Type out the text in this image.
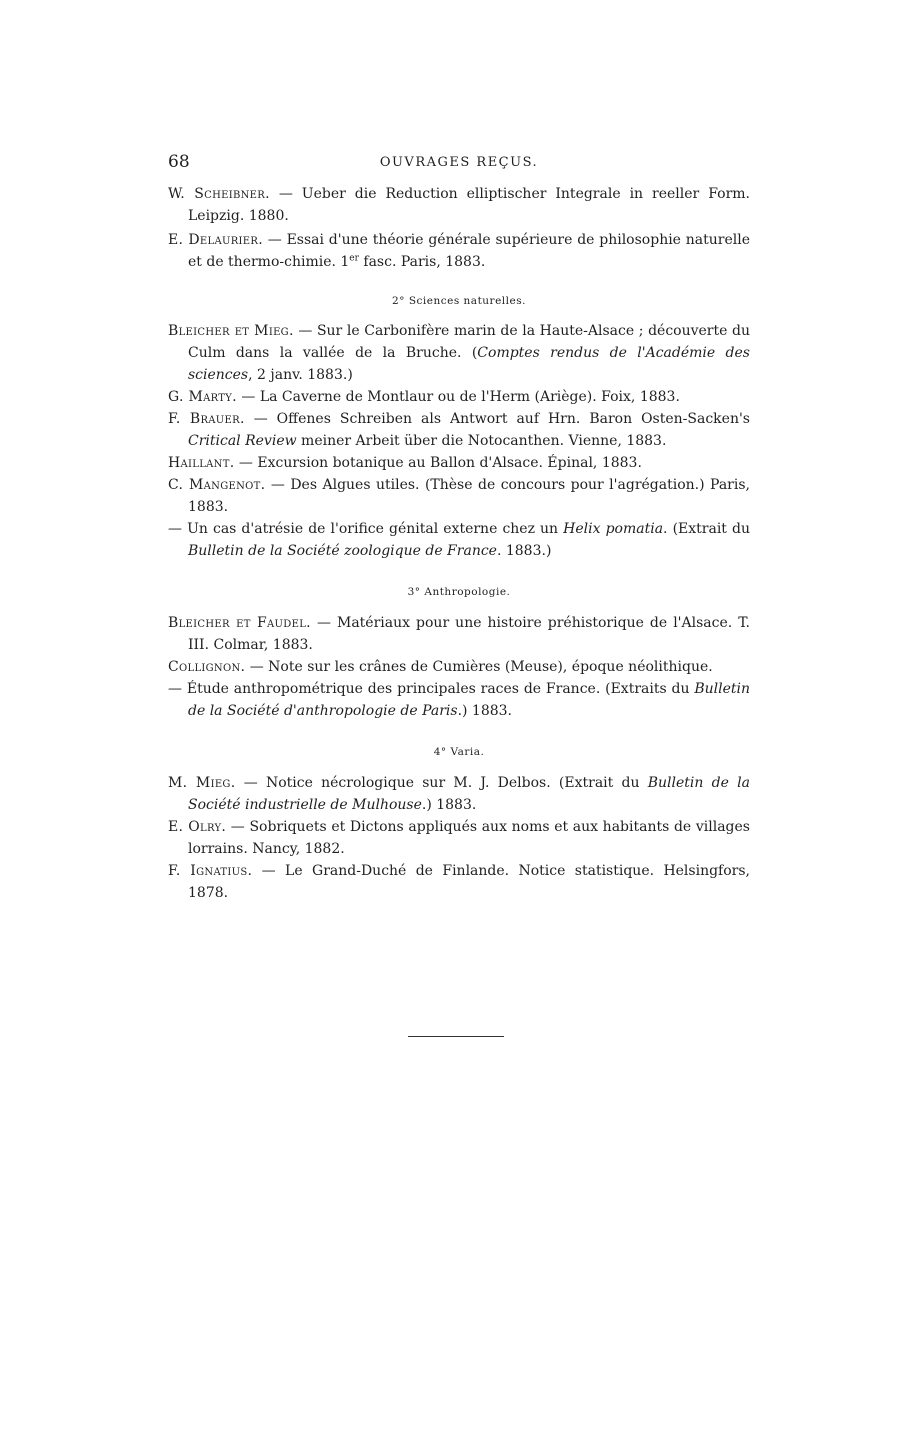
68	OUVRAGES REÇUS.

W. Scheibner. — Ueber die Reduction elliptischer Integrale in reeller Form. Leipzig. 1880.

E. Delaurier. — Essai d'une théorie générale supérieure de philosophie naturelle et de thermo-chimie. 1er fasc. Paris, 1883.

2° Sciences naturelles.

Bleicher et Mieg. — Sur le Carbonifère marin de la Haute-Alsace ; découverte du Culm dans la vallée de la Bruche. (Comptes rendus de l'Académie des sciences, 2 janv. 1883.)

G. Marty. — La Caverne de Montlaur ou de l'Herm (Ariège). Foix, 1883.

F. Brauer. — Offenes Schreiben als Antwort auf Hrn. Baron Osten-Sacken's Critical Review meiner Arbeit über die Notocanthen. Vienne, 1883.

Haillant. — Excursion botanique au Ballon d'Alsace. Épinal, 1883.

C. Mangenot. — Des Algues utiles. (Thèse de concours pour l'agrégation.) Paris, 1883.

— Un cas d'atrésie de l'orifice génital externe chez un Helix pomatia. (Extrait du Bulletin de la Société zoologique de France. 1883.)

3° Anthropologie.

Bleicher et Faudel. — Matériaux pour une histoire préhistorique de l'Alsace. T. III. Colmar, 1883.

Collignon. — Note sur les crânes de Cumières (Meuse), époque néolithique.

— Étude anthropométrique des principales races de France. (Extraits du Bulletin de la Société d'anthropologie de Paris.) 1883.

4° Varia.

M. Mieg. — Notice nécrologique sur M. J. Delbos. (Extrait du Bulletin de la Société industrielle de Mulhouse.) 1883.

E. Olry. — Sobriquets et Dictons appliqués aux noms et aux habitants de villages lorrains. Nancy, 1882.

F. Ignatius. — Le Grand-Duché de Finlande. Notice statistique. Helsingfors, 1878.
